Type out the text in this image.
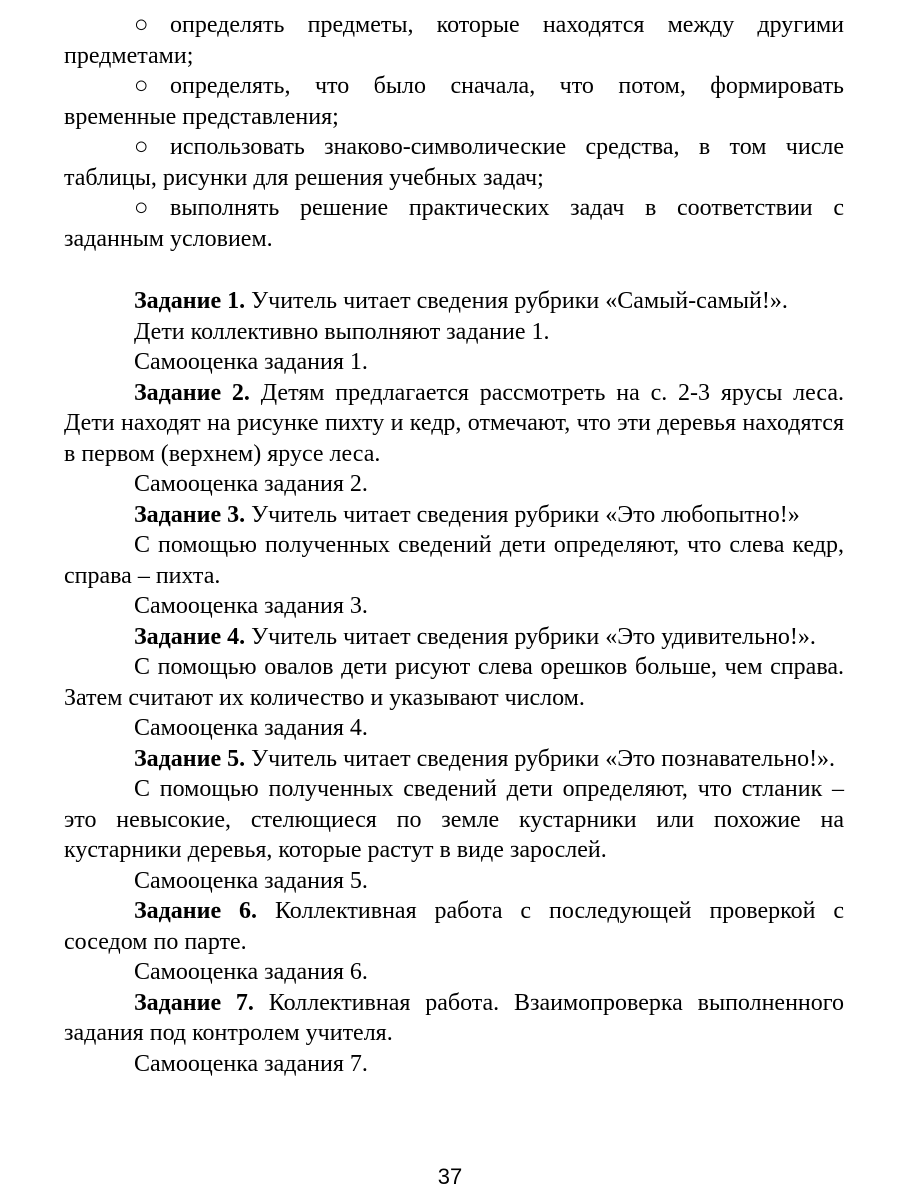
○ определять предметы, которые находятся между другими предметами;

○ определять, что было сначала, что потом, формировать временные представления;

○ использовать знаково-символические средства, в том числе таблицы, рисунки для решения учебных задач;

○ выполнять решение практических задач в соответствии с заданным условием.

Задание 1. Учитель читает сведения рубрики «Самый-самый!».

Дети коллективно выполняют задание 1.

Самооценка задания 1.

Задание 2. Детям предлагается рассмотреть на с. 2-3 ярусы леса. Дети находят на рисунке пихту и кедр, отмечают, что эти деревья находятся в первом (верхнем) ярусе леса.

Самооценка задания 2.

Задание 3. Учитель читает сведения рубрики «Это любопытно!»

С помощью полученных сведений дети определяют, что слева кедр, справа – пихта.

Самооценка задания 3.

Задание 4. Учитель читает сведения рубрики «Это удивительно!».

С помощью овалов дети рисуют слева орешков больше, чем справа. Затем считают их количество и указывают числом.

Самооценка задания 4.

Задание 5. Учитель читает сведения рубрики «Это познавательно!».

С помощью полученных сведений дети определяют, что стланик – это невысокие, стелющиеся по земле кустарники или похожие на кустарники деревья, которые растут в виде зарослей.

Самооценка задания 5.

Задание 6. Коллективная работа с последующей проверкой с соседом по парте.

Самооценка задания 6.

Задание 7. Коллективная работа. Взаимопроверка выполненного задания под контролем учителя.

Самооценка задания 7.

37
